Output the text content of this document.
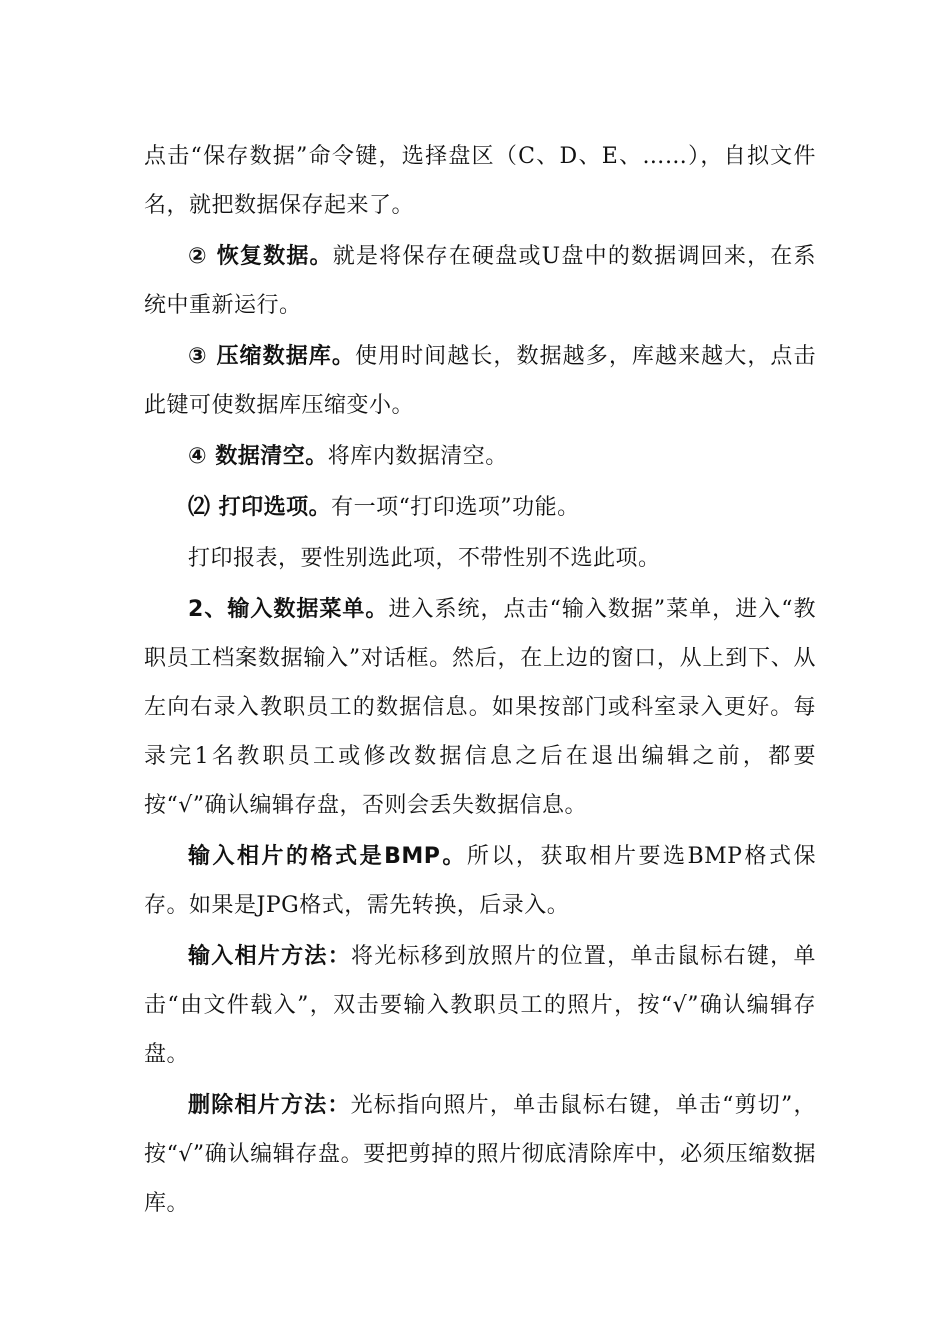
点击“保存数据”命令键，选择盘区（C、D、E、……），自拟文件名，就把数据保存起来了。

② 恢复数据。就是将保存在硬盘或U盘中的数据调回来，在系统中重新运行。

③ 压缩数据库。使用时间越长，数据越多，库越来越大，点击此键可使数据库压缩变小。

④ 数据清空。将库内数据清空。

⑵ 打印选项。有一项“打印选项”功能。

打印报表，要性别选此项，不带性别不选此项。

2、输入数据菜单。进入系统，点击“输入数据”菜单，进入“教职员工档案数据输入”对话框。然后，在上边的窗口，从上到下、从左向右录入教职员工的数据信息。如果按部门或科室录入更好。每录完1名教职员工或修改数据信息之后在退出编辑之前，都要按“√”确认编辑存盘，否则会丢失数据信息。

输入相片的格式是BMP。所以，获取相片要选BMP格式保存。如果是JPG格式，需先转换，后录入。

输入相片方法：将光标移到放照片的位置，单击鼠标右键，单击“由文件载入”，双击要输入教职员工的照片，按“√”确认编辑存盘。

删除相片方法：光标指向照片，单击鼠标右键，单击“剪切”，按“√”确认编辑存盘。要把剪掉的照片彻底清除库中，必须压缩数据库。
